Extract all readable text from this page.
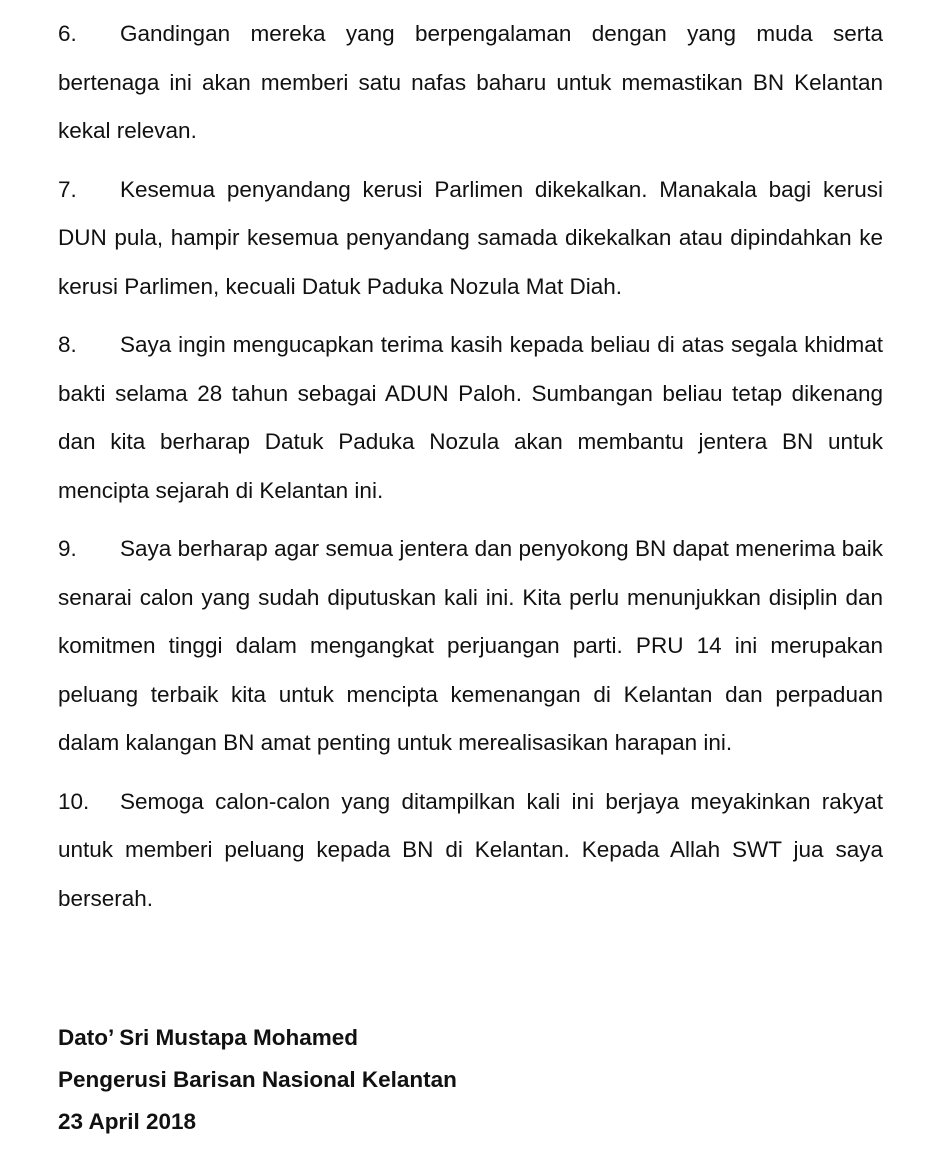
6. Gandingan mereka yang berpengalaman dengan yang muda serta bertenaga ini akan memberi satu nafas baharu untuk memastikan BN Kelantan kekal relevan.

7. Kesemua penyandang kerusi Parlimen dikekalkan. Manakala bagi kerusi DUN pula, hampir kesemua penyandang samada dikekalkan atau dipindahkan ke kerusi Parlimen, kecuali Datuk Paduka Nozula Mat Diah.

8. Saya ingin mengucapkan terima kasih kepada beliau di atas segala khidmat bakti selama 28 tahun sebagai ADUN Paloh. Sumbangan beliau tetap dikenang dan kita berharap Datuk Paduka Nozula akan membantu jentera BN untuk mencipta sejarah di Kelantan ini.

9. Saya berharap agar semua jentera dan penyokong BN dapat menerima baik senarai calon yang sudah diputuskan kali ini. Kita perlu menunjukkan disiplin dan komitmen tinggi dalam mengangkat perjuangan parti. PRU 14 ini merupakan peluang terbaik kita untuk mencipta kemenangan di Kelantan dan perpaduan dalam kalangan BN amat penting untuk merealisasikan harapan ini.

10. Semoga calon-calon yang ditampilkan kali ini berjaya meyakinkan rakyat untuk memberi peluang kepada BN di Kelantan. Kepada Allah SWT jua saya berserah.

Dato’ Sri Mustapa Mohamed

Pengerusi Barisan Nasional Kelantan

23 April 2018
